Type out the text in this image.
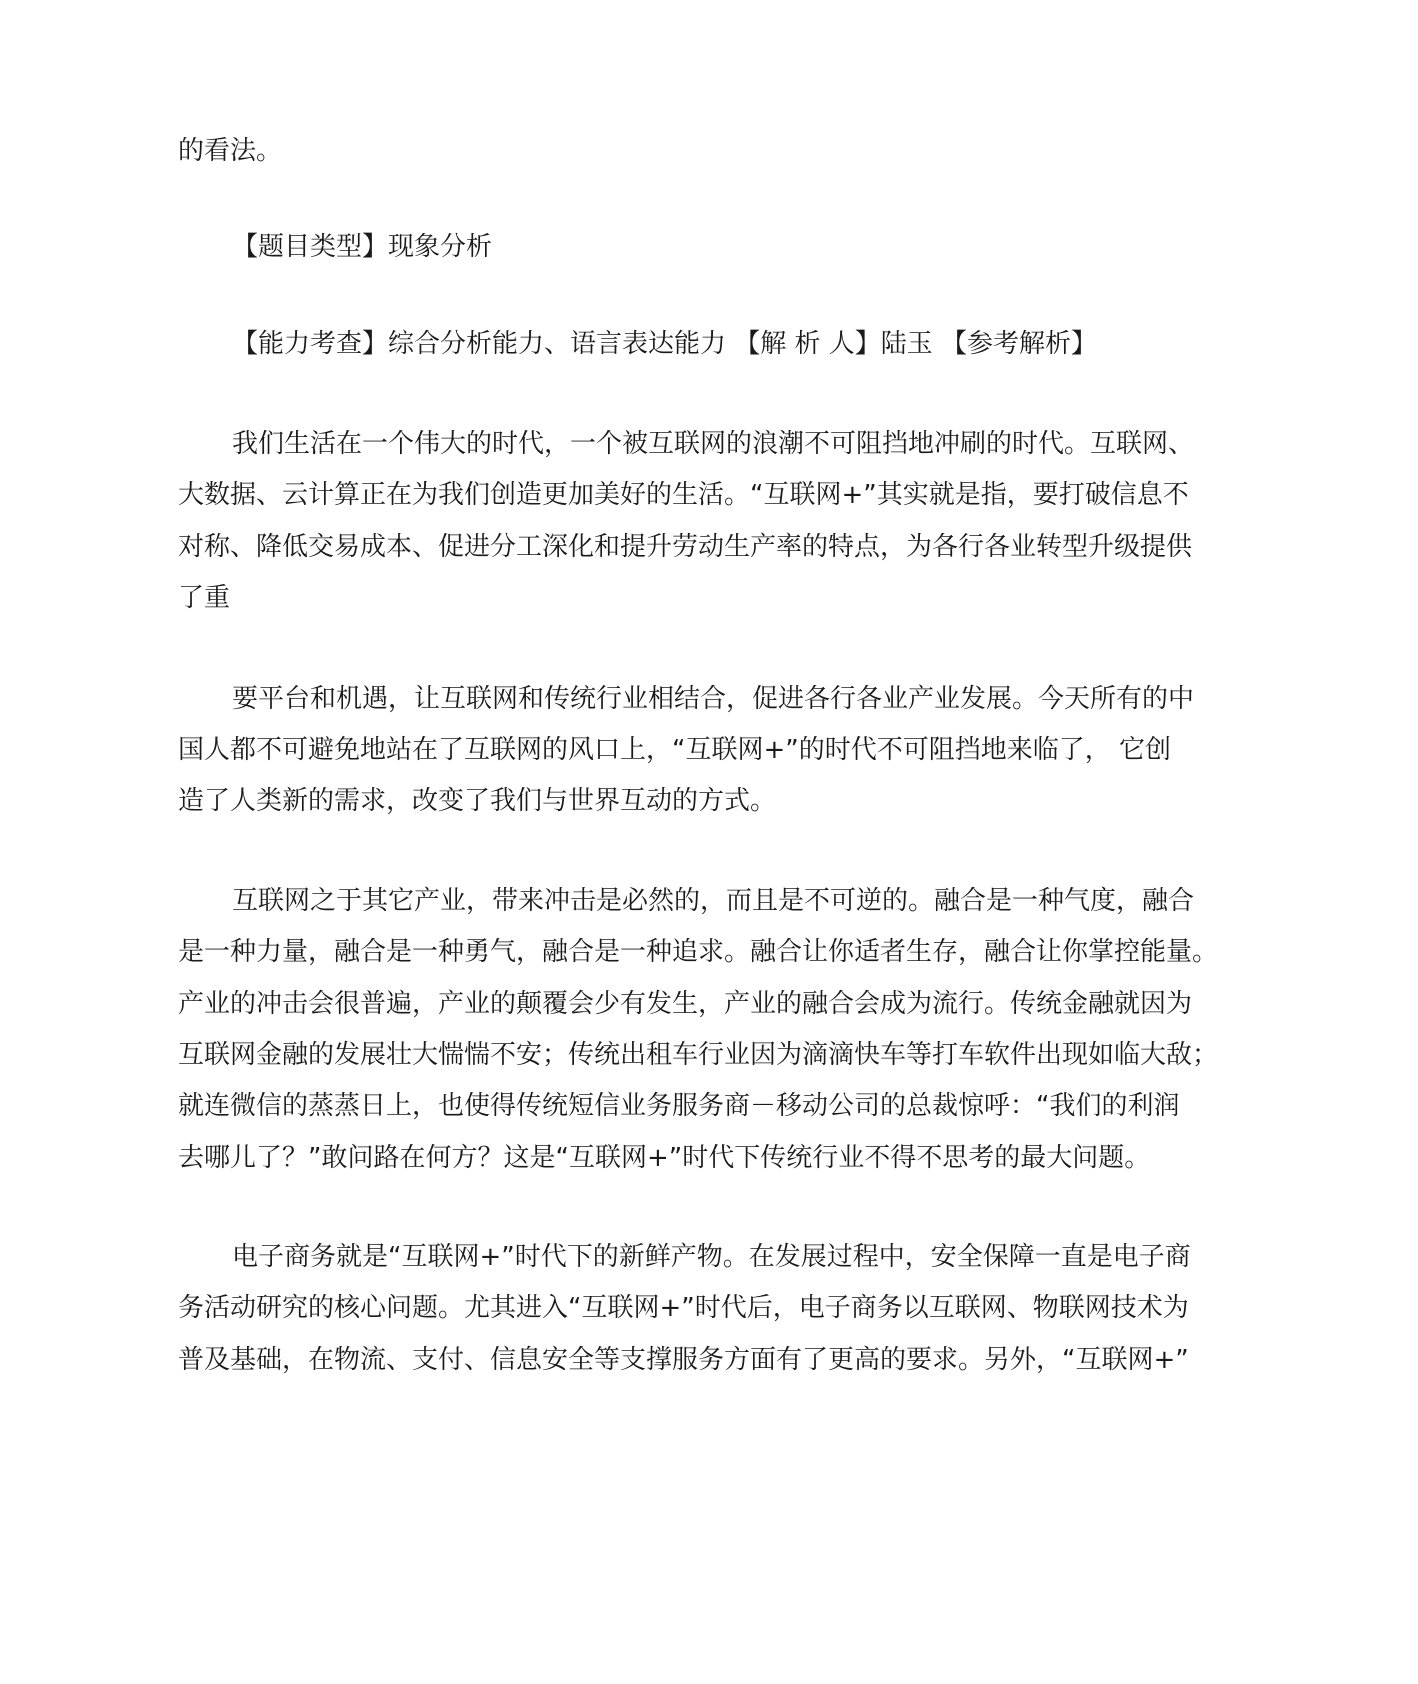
的看法。
【题目类型】现象分析
【能力考查】综合分析能力、语言表达能力 【解 析 人】陆玉 【参考解析】
我们生活在一个伟大的时代，一个被互联网的浪潮不可阻挡地冲刷的时代。互联网、
大数据、云计算正在为我们创造更加美好的生活。“互联网+”其实就是指，要打破信息不
对称、降低交易成本、促进分工深化和提升劳动生产率的特点，为各行各业转型升级提供
了重
要平台和机遇，让互联网和传统行业相结合，促进各行各业产业发展。今天所有的中
国人都不可避免地站在了互联网的风口上，“互联网+”的时代不可阻挡地来临了， 它创
造了人类新的需求，改变了我们与世界互动的方式。
互联网之于其它产业，带来冲击是必然的，而且是不可逆的。融合是一种气度，融合
是一种力量，融合是一种勇气，融合是一种追求。融合让你适者生存，融合让你掌控能量。
产业的冲击会很普遍，产业的颠覆会少有发生，产业的融合会成为流行。传统金融就因为
互联网金融的发展壮大惴惴不安；传统出租车行业因为滴滴快车等打车软件出现如临大敌；
就连微信的蒸蒸日上，也使得传统短信业务服务商－移动公司的总裁惊呼：“我们的利润
去哪儿了？”敢问路在何方？这是“互联网+”时代下传统行业不得不思考的最大问题。
电子商务就是“互联网+”时代下的新鲜产物。在发展过程中，安全保障一直是电子商
务活动研究的核心问题。尤其进入“互联网+”时代后，电子商务以互联网、物联网技术为
普及基础，在物流、支付、信息安全等支撑服务方面有了更高的要求。另外，“互联网+”
